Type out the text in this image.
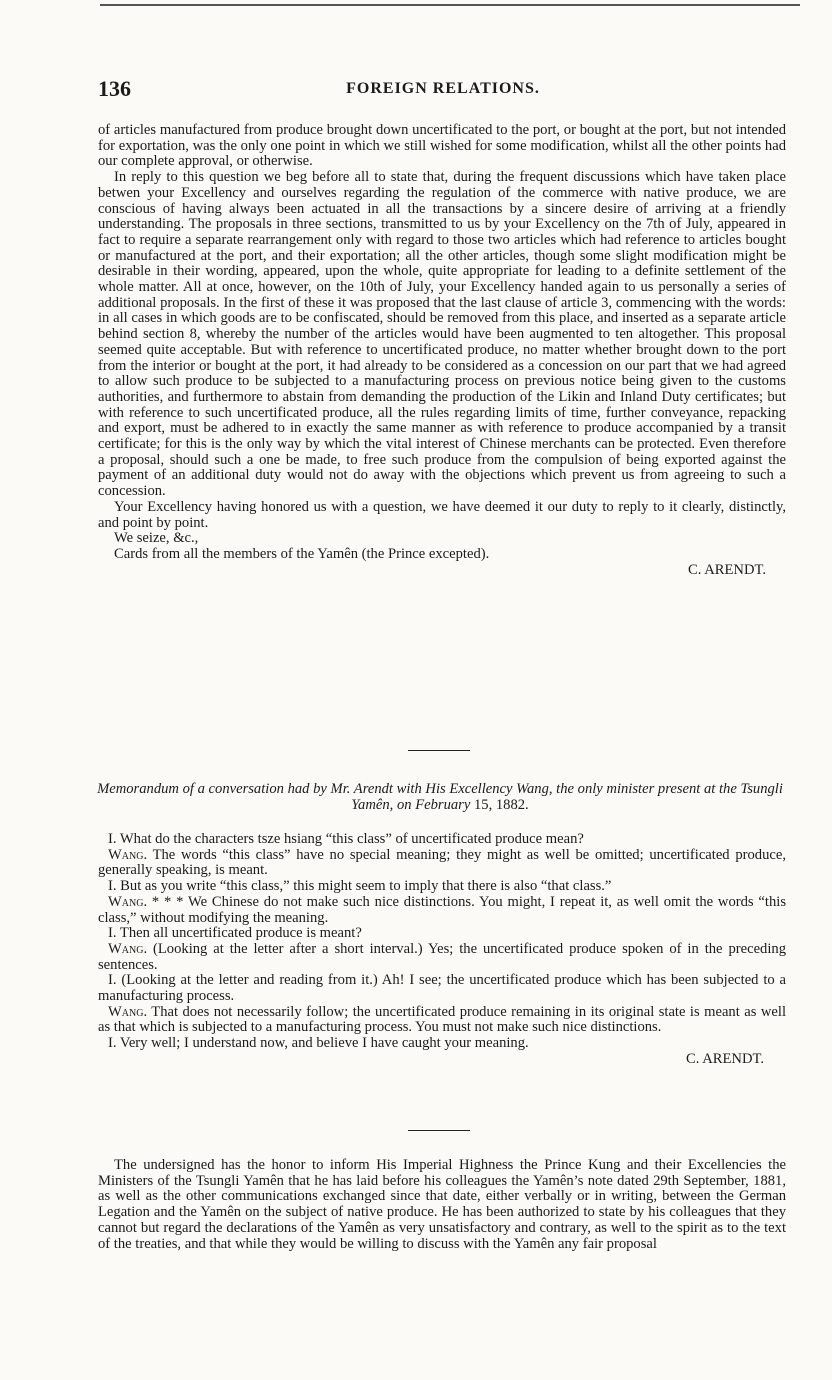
136	FOREIGN RELATIONS.

of articles manufactured from produce brought down uncertificated to the port, or bought at the port, but not intended for exportation, was the only one point in which we still wished for some modification, whilst all the other points had our complete approval, or otherwise.

In reply to this question we beg before all to state that, during the frequent discussions which have taken place betwen your Excellency and ourselves regarding the regulation of the commerce with native produce, we are conscious of having always been actuated in all the transactions by a sincere desire of arriving at a friendly understanding. The proposals in three sections, transmitted to us by your Excellency on the 7th of July, appeared in fact to require a separate rearrangement only with regard to those two articles which had reference to articles bought or manufactured at the port, and their exportation; all the other articles, though some slight modification might be desirable in their wording, appeared, upon the whole, quite appropriate for leading to a definite settlement of the whole matter. All at once, however, on the 10th of July, your Excellency handed again to us personally a series of additional proposals. In the first of these it was proposed that the last clause of article 3, commencing with the words: in all cases in which goods are to be confiscated, should be removed from this place, and inserted as a separate article behind section 8, whereby the number of the articles would have been augmented to ten altogether. This proposal seemed quite acceptable. But with reference to uncertificated produce, no matter whether brought down to the port from the interior or bought at the port, it had already to be considered as a concession on our part that we had agreed to allow such produce to be subjected to a manufacturing process on previous notice being given to the customs authorities, and furthermore to abstain from demanding the production of the Likin and Inland Duty certificates; but with reference to such uncertificated produce, all the rules regarding limits of time, further conveyance, repacking and export, must be adhered to in exactly the same manner as with reference to produce accompanied by a transit certificate; for this is the only way by which the vital interest of Chinese merchants can be protected. Even therefore a proposal, should such a one be made, to free such produce from the compulsion of being exported against the payment of an additional duty would not do away with the objections which prevent us from agreeing to such a concession.

Your Excellency having honored us with a question, we have deemed it our duty to reply to it clearly, distinctly, and point by point.

We seize, &c.,

Cards from all the members of the Yamên (the Prince excepted).

C. ARENDT.

Memorandum of a conversation had by Mr. Arendt with His Excellency Wang, the only minister present at the Tsungli Yamên, on February 15, 1882.

I. What do the characters tsze hsiang “this class” of uncertificated produce mean?

Wang. The words “this class” have no special meaning; they might as well be omitted; uncertificated produce, generally speaking, is meant.

I. But as you write “this class,” this might seem to imply that there is also “that class.”

Wang. * * * We Chinese do not make such nice distinctions. You might, I repeat it, as well omit the words “this class,” without modifying the meaning.

I. Then all uncertificated produce is meant?

Wang. (Looking at the letter after a short interval.) Yes; the uncertificated produce spoken of in the preceding sentences.

I. (Looking at the letter and reading from it.) Ah! I see; the uncertificated produce which has been subjected to a manufacturing process.

Wang. That does not necessarily follow; the uncertificated produce remaining in its original state is meant as well as that which is subjected to a manufacturing process. You must not make such nice distinctions.

I. Very well; I understand now, and believe I have caught your meaning.

C. ARENDT.

The undersigned has the honor to inform His Imperial Highness the Prince Kung and their Excellencies the Ministers of the Tsungli Yamên that he has laid before his colleagues the Yamên’s note dated 29th September, 1881, as well as the other communications exchanged since that date, either verbally or in writing, between the German Legation and the Yamên on the subject of native produce. He has been authorized to state by his colleagues that they cannot but regard the declarations of the Yamên as very unsatisfactory and contrary, as well to the spirit as to the text of the treaties, and that while they would be willing to discuss with the Yamên any fair proposal
